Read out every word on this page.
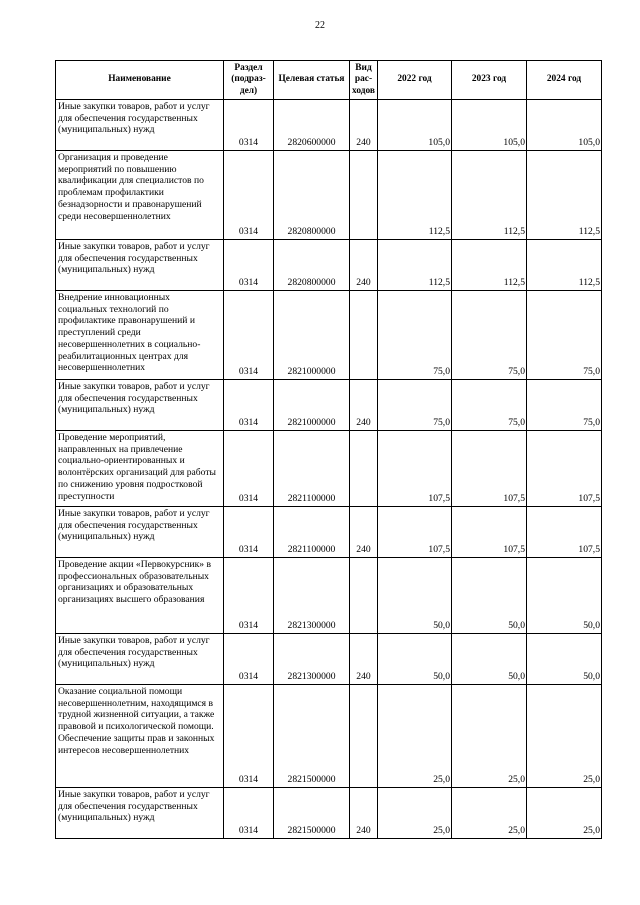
22
Наименование	Раздел (подраз-дел)	Целевая статья	Вид рас-ходов	2022 год	2023 год	2024 год
Иные закупки товаров, работ и услуг для обеспечения государственных (муниципальных) нужд	0314	2820600000	240	105,0	105,0	105,0
Организация и проведение мероприятий по повышению квалификации для специалистов по проблемам профилактики безнадзорности и правонарушений среди несовершеннолетних	0314	2820800000		112,5	112,5	112,5
Иные закупки товаров, работ и услуг для обеспечения государственных (муниципальных) нужд	0314	2820800000	240	112,5	112,5	112,5
Внедрение инновационных социальных технологий по профилактике правонарушений и преступлений среди несовершеннолетних в социально-реабилитационных центрах для несовершеннолетних	0314	2821000000		75,0	75,0	75,0
Иные закупки товаров, работ и услуг для обеспечения государственных (муниципальных) нужд	0314	2821000000	240	75,0	75,0	75,0
Проведение мероприятий, направленных на привлечение социально-ориентированных и волонтёрских организаций для работы по снижению уровня подростковой преступности	0314	2821100000		107,5	107,5	107,5
Иные закупки товаров, работ и услуг для обеспечения государственных (муниципальных) нужд	0314	2821100000	240	107,5	107,5	107,5
Проведение акции «Первокурсник» в профессиональных образовательных организациях и образовательных организациях высшего образования	0314	2821300000		50,0	50,0	50,0
Иные закупки товаров, работ и услуг для обеспечения государственных (муниципальных) нужд	0314	2821300000	240	50,0	50,0	50,0
Оказание социальной помощи несовершеннолетним, находящимся в трудной жизненной ситуации, а также правовой и психологической помощи. Обеспечение защиты прав и законных интересов несовершеннолетних	0314	2821500000		25,0	25,0	25,0
Иные закупки товаров, работ и услуг для обеспечения государственных (муниципальных) нужд	0314	2821500000	240	25,0	25,0	25,0
